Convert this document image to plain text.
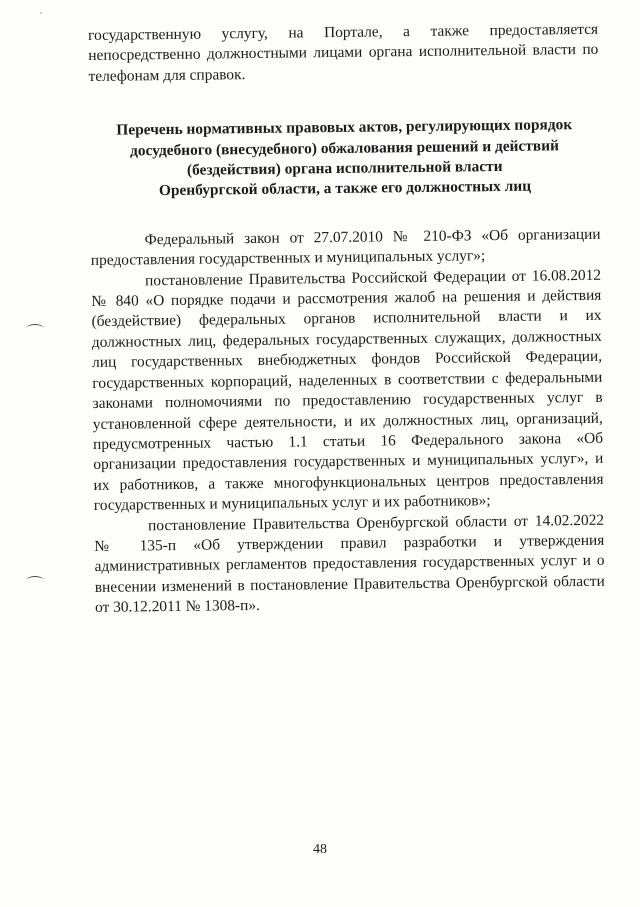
государственную услугу, на Портале, а также предоставляется непосредственно должностными лицами органа исполнительной власти по телефонам для справок.

Перечень нормативных правовых актов, регулирующих порядок
досудебного (внесудебного) обжалования решений и действий
(бездействия) органа исполнительной власти
Оренбургской области, а также его должностных лиц

Федеральный закон от 27.07.2010 № 210-ФЗ «Об организации предоставления государственных и муниципальных услуг»;

постановление Правительства Российской Федерации от 16.08.2012 № 840 «О порядке подачи и рассмотрения жалоб на решения и действия (бездействие) федеральных органов исполнительной власти и их должностных лиц, федеральных государственных служащих, должностных лиц государственных внебюджетных фондов Российской Федерации, государственных корпораций, наделенных в соответствии с федеральными законами полномочиями по предоставлению государственных услуг в установленной сфере деятельности, и их должностных лиц, организаций, предусмотренных частью 1.1 статьи 16 Федерального закона «Об организации предоставления государственных и муниципальных услуг», и их работников, а также многофункциональных центров предоставления государственных и муниципальных услуг и их работников»;

постановление Правительства Оренбургской области от 14.02.2022 № 135-п «Об утверждении правил разработки и утверждения административных регламентов предоставления государственных услуг и о внесении изменений в постановление Правительства Оренбургской области от 30.12.2011 № 1308-п».

48
